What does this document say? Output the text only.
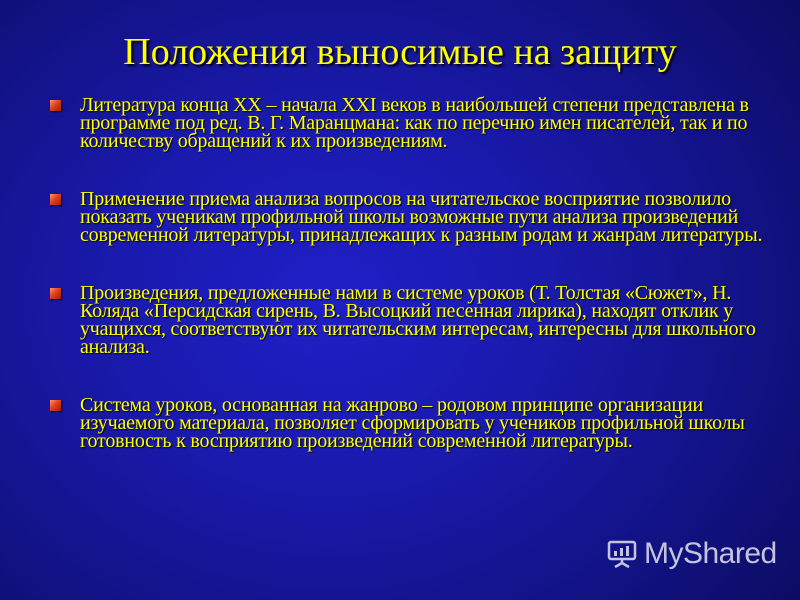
Положения выносимые на защиту
Литература конца XX – начала XXI веков в наибольшей степени представлена в программе под ред. В. Г. Маранцмана: как по перечню имен писателей, так и по количеству обращений к их произведениям.
Применение приема анализа вопросов на читательское восприятие позволило показать ученикам профильной школы возможные пути анализа произведений современной литературы, принадлежащих к разным родам и жанрам литературы.
Произведения, предложенные нами в системе уроков (Т. Толстая «Сюжет», Н. Коляда «Персидская сирень, В. Высоцкий песенная лирика), находят отклик у учащихся, соответствуют их читательским интересам, интересны для школьного анализа.
Система уроков, основанная на жанрово – родовом принципе организации изучаемого материала, позволяет сформировать у учеников профильной школы готовность к восприятию произведений современной литературы.
MyShared
